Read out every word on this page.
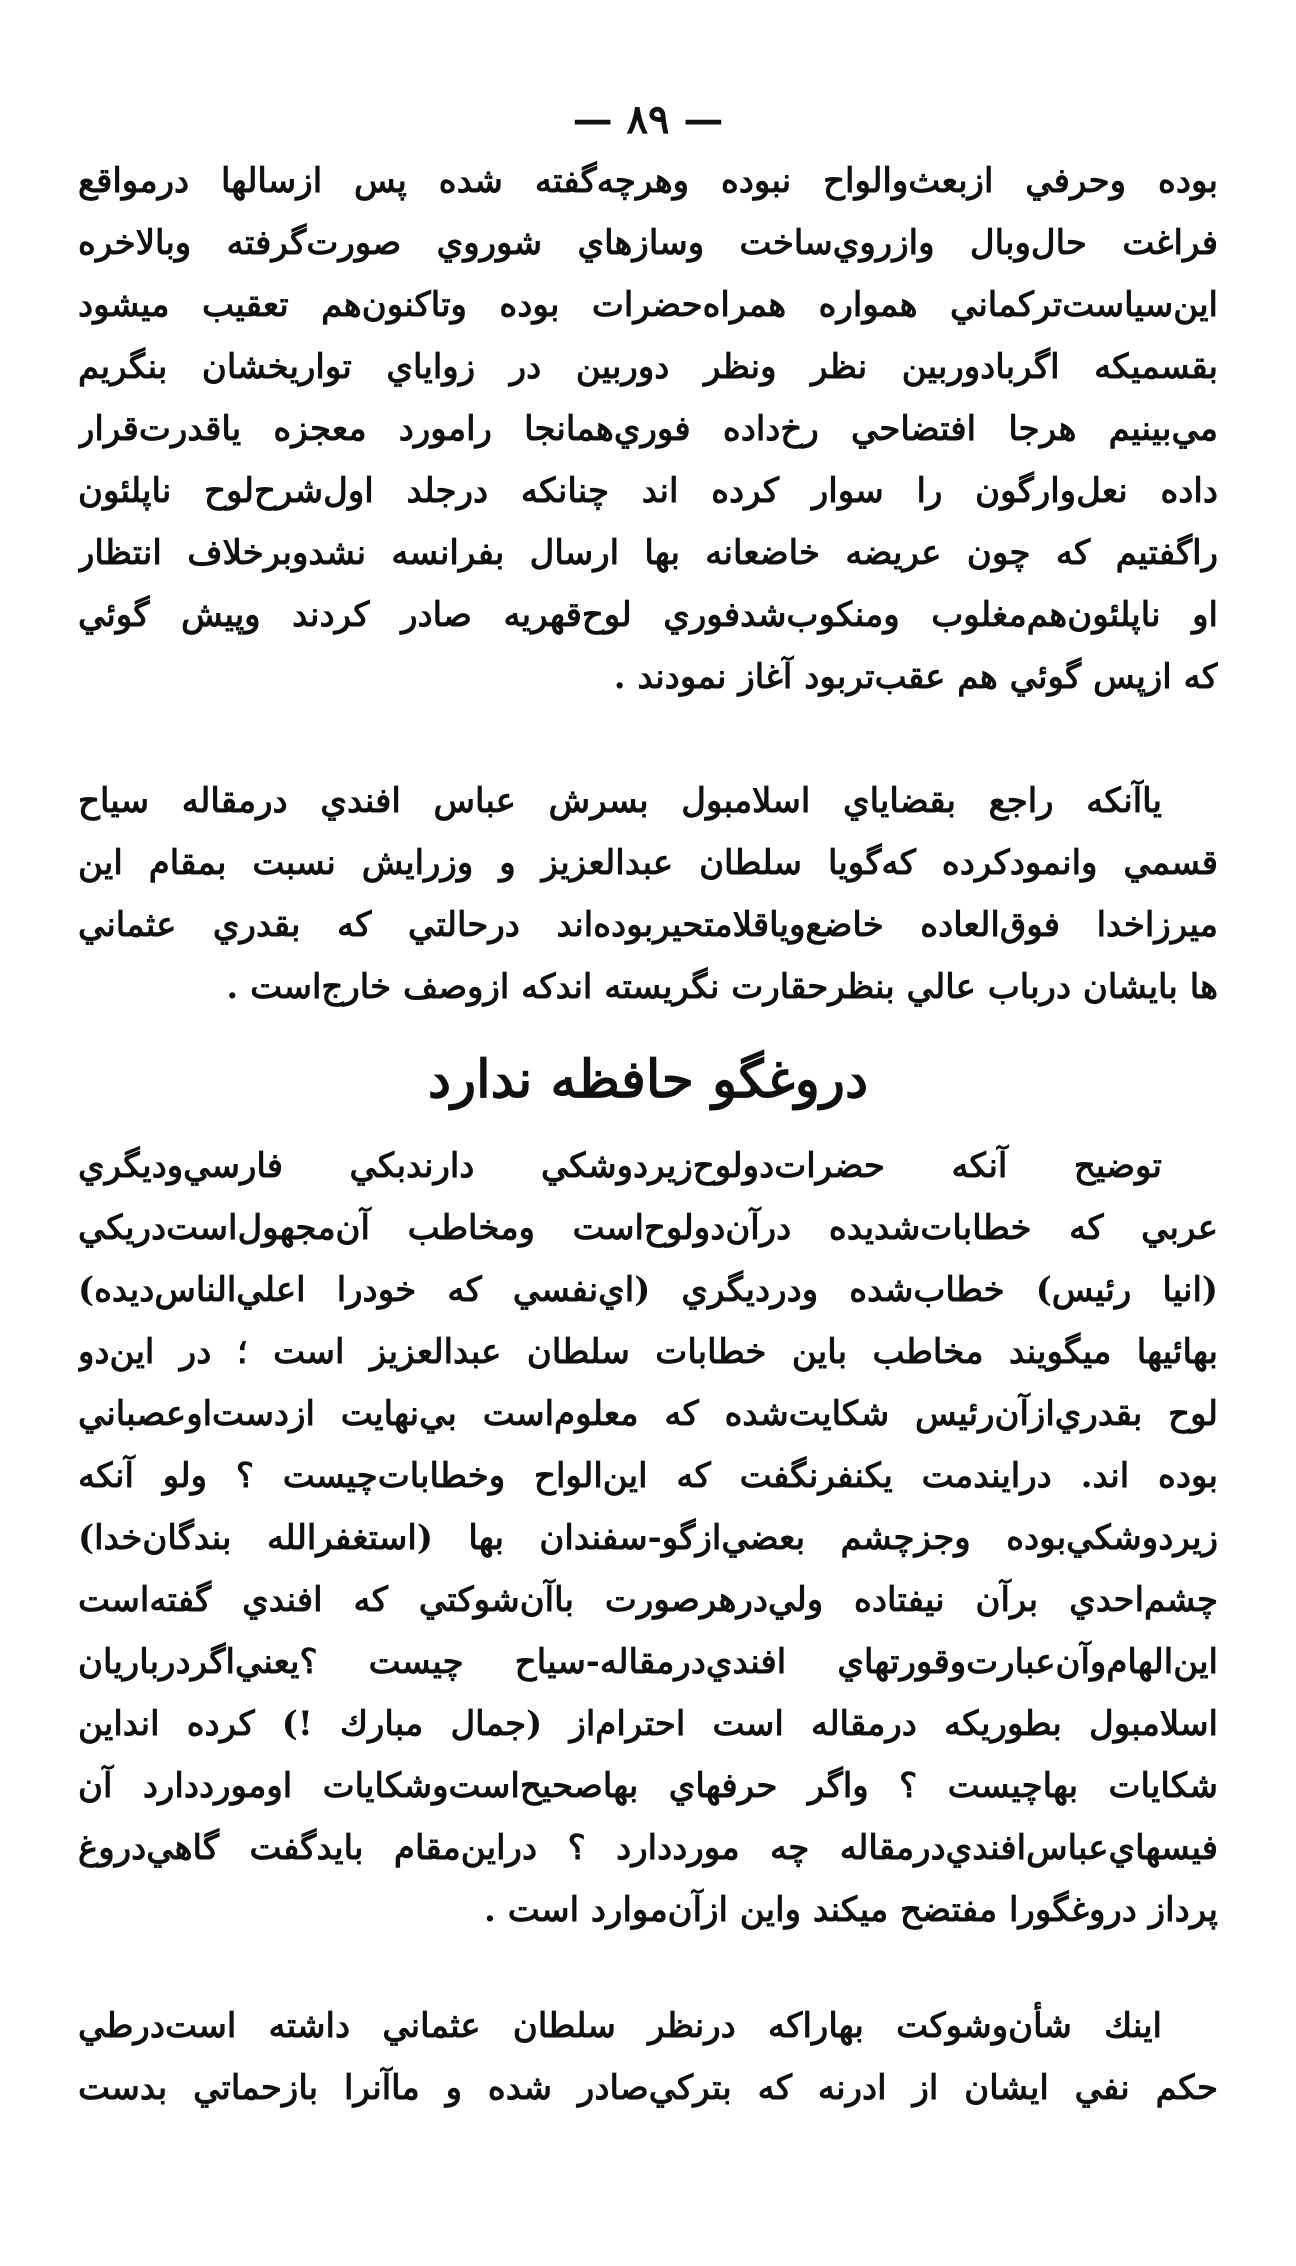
— ۸۹ —
بوده وحرفي ازبعث‌والواح نبوده وهرچه‌گفته شده پس ازسالها درمواقع
فراغت حال‌وبال وازروي‌ساخت وسازهاي شوروي صورت‌گرفته وبالاخره
اين‌سياست‌تركماني همواره همراه‌حضرات بوده وتاكنون‌هم تعقيب ميشود
بقسميكه اگربادوربين نظر ونظر دوربين در زواياي تواريخشان بنگريم
مي‌بينيم هرجا افتضاحي رخ‌داده فوري‌همانجا رامورد معجزه ياقدرت‌قرار
داده نعل‌وارگون را سوار كرده اند چنانكه درجلد اول‌شرح‌لوح ناپلئون
راگفتيم كه چون عريضه خاضعانه بها ارسال بفرانسه نشد‌وبرخلاف انتظار
او ناپلئون‌هم‌مغلوب ومنكوب‌شدفوري لوح‌قهريه صادر كردند وپيش گوئي
كه ازپس گوئي هم عقب‌تربود آغاز نمودند .
يا‌آنكه راجع بقضاياي اسلامبول بسرش عباس افندي درمقاله سياح
قسمي وانمودكرده كه‌گويا سلطان عبدالعزيز و وزرايش نسبت بمقام اين
ميرزاخدا فوق‌العاده خاضع‌وياقلامتحيربوده‌اند درحالتي كه بقدري عثماني
ها بايشان درباب عالي بنظرحقارت نگريسته اندكه ازوصف خارج‌است .
دروغگو حافظه ندارد
توضيح آنكه حضرات‌دولوح‌زيردوشكي دارندبكي فارسي‌وديگري
عربي كه خطابات‌شديده درآن‌دولوح‌است ومخاطب آن‌مجهول‌است‌دريكي
(انيا رئيس) خطاب‌شده ودرديگري (اي‌نفسي كه خودرا اعلي‌الناس‌ديده)
بهائيها ميگويند مخاطب باين خطابات سلطان عبدالعزيز است ؛ در اين‌دو
لوح بقدري‌ازآن‌رئيس شكايت‌شده كه معلوم‌است بي‌نهايت ازدست‌اوعصباني
بوده اند. درايندمت يكنفرنگفت كه اين‌الواح وخطابات‌چيست ؟ ولو آنكه
زيردوشكي‌بوده وجزچشم بعضي‌ازگو-سفندان بها (استغفرالله بندگان‌خدا)
چشم‌احدي برآن نيفتاده ولي‌درهرصورت باآن‌شوكتي كه افندي گفته‌است
اين‌الهام‌وآن‌عبارت‌وقورتهاي افندي‌درمقاله-سياح چيست ؟يعني‌اگردرباريان
اسلامبول بطوريكه درمقاله است احترام‌از (جمال مبارك !) كرده انداين
شكايات بهاچيست ؟ واگر حرفهاي بهاصحيح‌است‌وشكايات اومورددارد آن
فيسهاي‌عباس‌افندي‌درمقاله چه مورددارد ؟ دراين‌مقام بايدگفت گاهي‌دروغ
پرداز دروغگورا مفتضح ميكند واين ازآن‌موارد است .
اينك شأن‌وشوكت بهاراكه درنظر سلطان عثماني داشته است‌درطي
حكم نفي ايشان از ادرنه كه بتركي‌صادر شده و ماآنرا بازحماتي بدست
